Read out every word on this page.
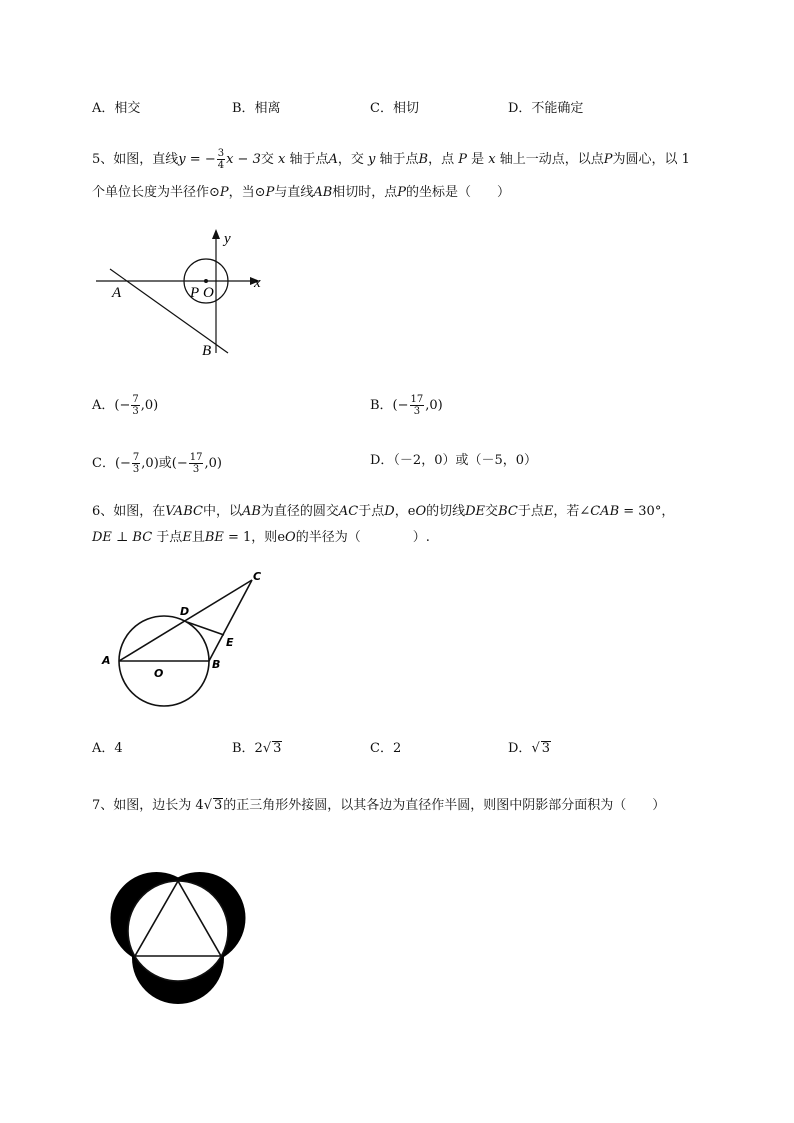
A．相交	B．相离	C．相切	D．不能确定
5、如图，直线y = − $\frac{3}{4}$ x − 3交 x 轴于点A，交 y 轴于点B，点 P 是 x 轴上一动点，以点P为圆心，以 1
个单位长度为半径作⊙P，当⊙P与直线AB相切时，点P的坐标是（　　）
y
x
A	P O
B
A．(− $\frac{7}{3} ,0$)	B．(− $\frac{17}{3} ,0$)
C．(− $\frac{7}{3} ,0$)或(− $\frac{17}{3} ,0$)	D．（－2，0）或（－5，0）
6、如图，在VABC中，以AB为直径的圆交AC于点D，eO的切线DE交BC于点E，若∠CAB = 30°，
DE ⊥ BC 于点E且BE = 1，则eO的半径为（　　　　）.
A	B
C
D
E
O
A．4	B．2√ 3	C．2	D．√ 3
7、如图，边长为 4√ 3的正三角形外接圆，以其各边为直径作半圆，则图中阴影部分面积为（　　）
